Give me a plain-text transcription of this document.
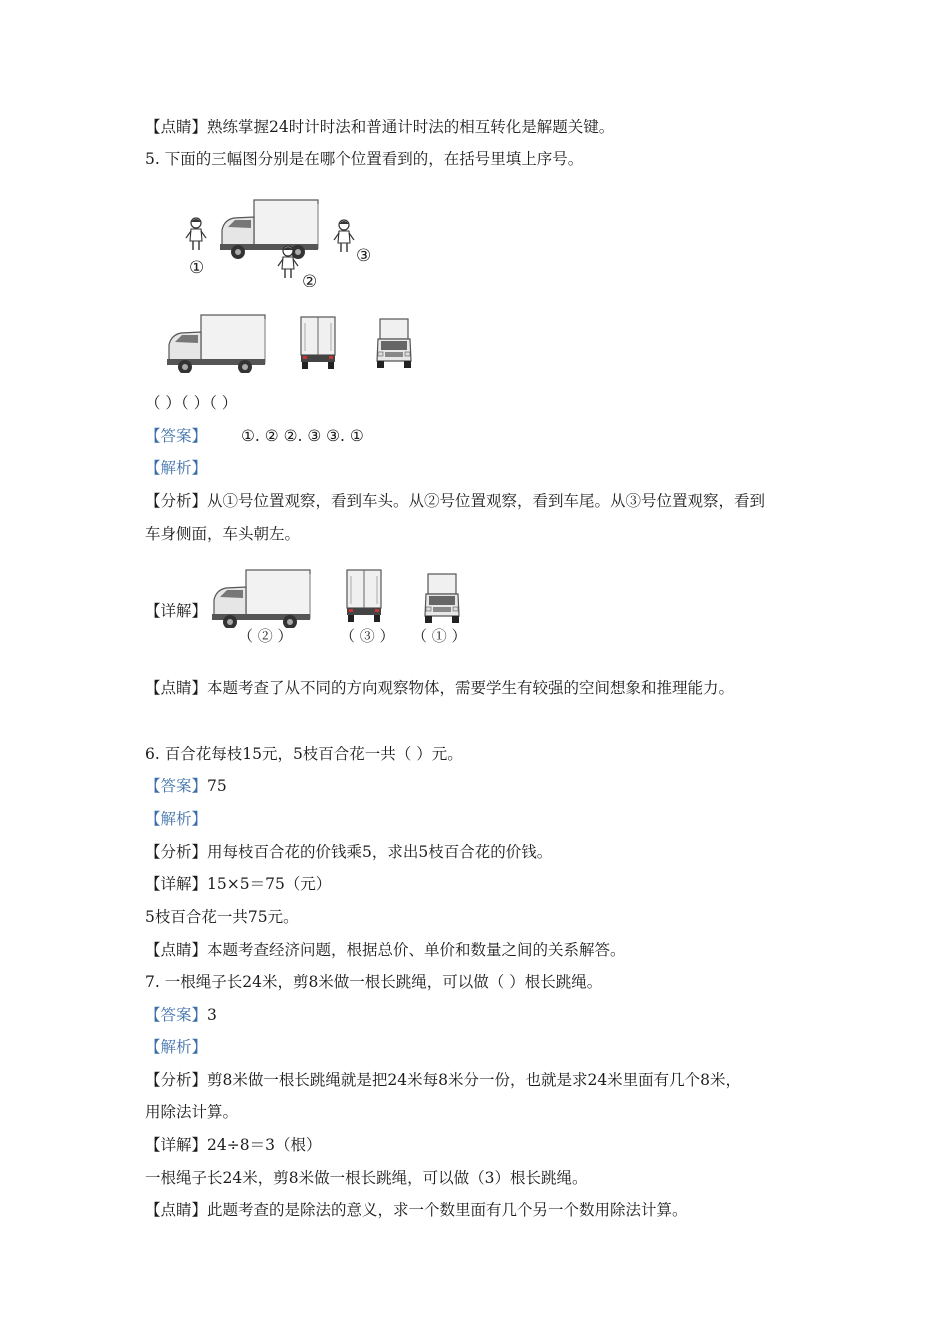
【点睛】熟练掌握24时计时法和普通计时法的相互转化是解题关键。
5. 下面的三幅图分别是在哪个位置看到的，在括号里填上序号。
①
②
③
（ ）（ ）（ ）
【答案】 ①. ② ②. ③ ③. ①
【解析】
【分析】从①号位置观察，看到车头。从②号位置观察，看到车尾。从③号位置观察，看到
车身侧面，车头朝左。
【详解】
（ ② ）	（ ③ ） （ ① ）
【点睛】本题考查了从不同的方向观察物体，需要学生有较强的空间想象和推理能力。
6. 百合花每枝15元，5枝百合花一共（ ）元。
【答案】75
【解析】
【分析】用每枝百合花的价钱乘5，求出5枝百合花的价钱。
【详解】15×5＝75（元）
5枝百合花一共75元。
【点睛】本题考查经济问题，根据总价、单价和数量之间的关系解答。
7. 一根绳子长24米，剪8米做一根长跳绳，可以做（ ）根长跳绳。
【答案】3
【解析】
【分析】剪8米做一根长跳绳就是把24米每8米分一份，也就是求24米里面有几个8米，
用除法计算。
【详解】24÷8＝3（根）
一根绳子长24米，剪8米做一根长跳绳，可以做（3）根长跳绳。
【点睛】此题考查的是除法的意义，求一个数里面有几个另一个数用除法计算。
